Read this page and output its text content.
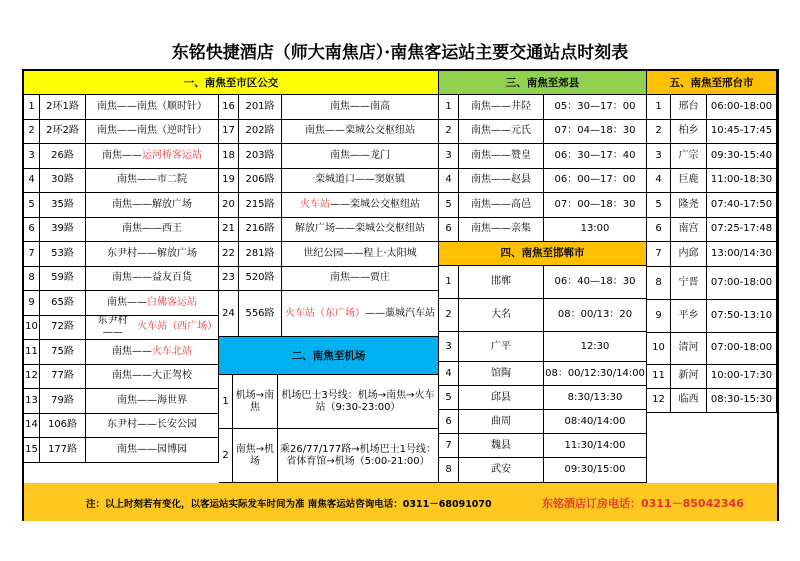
东铭快捷酒店（师大南焦店）·南焦客运站主要交通站点时刻表
一、南焦至市区公交	三、南焦至郊县	五、南焦至邢台市
二、南焦至机场
四、南焦至邯郸市
注：以上时刻若有变化，以客运站实际发车时间为准 南焦客运站咨询电话：0311－68091070	东铭酒店订房电话：0311－85042346
1	2环1路	南焦——南焦（顺时针）
2	2环2路	南焦——南焦（逆时针）
3	26路	南焦—— 运河桥客运站
4	30路	南焦——市二院
5	35路	南焦——解放广场
6	39路	南焦——西王
7	53路	东尹村——解放广场
8	59路	南焦——益友百货
9	65路	南焦—— 白佛客运站
10	72路
东尹村——
火车站（西广场）
11	75路	南焦—— 火车北站
12	77路	南焦——大正驾校
13	79路	南焦——海世界
14	106路	东尹村——长安公园
15	177路	南焦——园博园
16	201路	南焦——南高
17	202路	南焦——栾城公交枢纽站
18	203路	南焦——龙门
19	206路	栾城道口——窦妪镇
20	215路	火车站 ——栾城公交枢纽站
21	216路	解放广场——栾城公交枢纽站
22	281路	世纪公园——程上·太阳城
23	520路	南焦——贾庄
24	556路	火车站（东广场） ——藁城汽车站
1
机场→南焦
机场巴士3号线：机场→南焦→火车站（9:30-23:00）
2
南焦→机场
乘26/77/177路→机场巴士1号线：省体育馆→机场（5:00-21:00）
1	南焦——井陉	05：30—17：00
2	南焦——元氏	07：04—18：30
3	南焦——赞皇	06：30—17：40
4	南焦——赵县	06：00—17：00
5	南焦——高邑	07：00—18：30
6	南焦——亲集	13:00
1	邯郸	06：40—18：30
2	大名	08：00/13：20
3	广平	12:30
4	馆陶	08：00/12:30/14:00
5	邱县	8:30/13:30
6	曲周	08:40/14:00
7	魏县	11:30/14:00
8	武安	09:30/15:00
1	邢台	06:00-18:00
2	柏乡	10:45-17:45
3	广宗	09:30-15:40
4	巨鹿	11:00-18:30
5	隆尧	07:40-17:50
6	南宫	07:25-17:48
7	内邱	13:00/14:30
8	宁晋	07:00-18:00
9	平乡	07:50-13:10
10	清河	07:00-18:00
11	新河	10:00-17:30
12	临西	08:30-15:30
